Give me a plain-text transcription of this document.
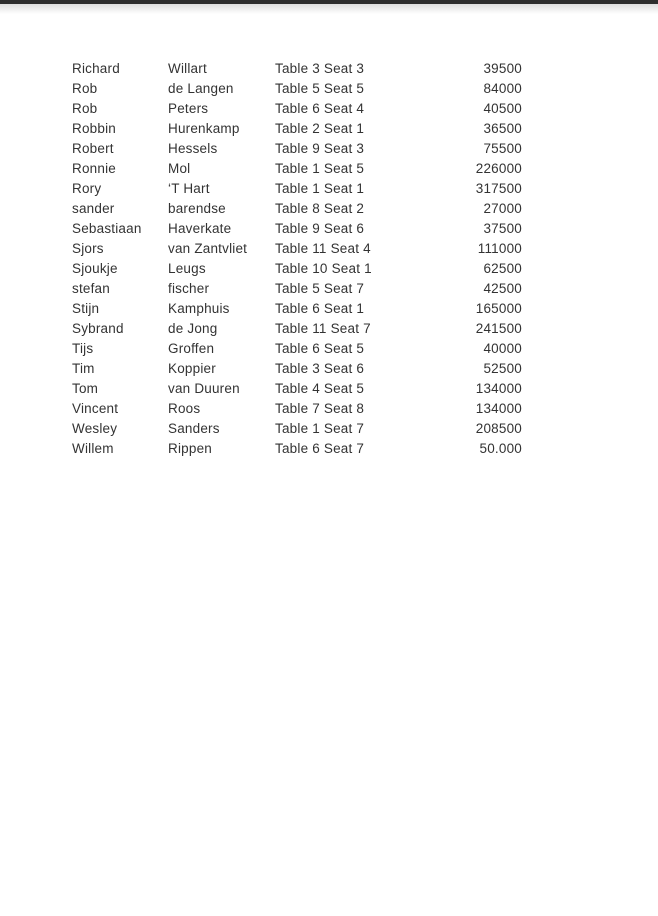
Richard	Willart	Table 3 Seat 3	39500
Rob	de Langen	Table 5 Seat 5	84000
Rob	Peters	Table 6 Seat 4	40500
Robbin	Hurenkamp	Table 2 Seat 1	36500
Robert	Hessels	Table 9 Seat 3	75500
Ronnie	Mol	Table 1 Seat 5	226000
Rory	‘T Hart	Table 1 Seat 1	317500
sander	barendse	Table 8 Seat 2	27000
Sebastiaan	Haverkate	Table 9 Seat 6	37500
Sjors	van Zantvliet	Table 11 Seat 4	111000
Sjoukje	Leugs	Table 10 Seat 1	62500
stefan	fischer	Table 5 Seat 7	42500
Stijn	Kamphuis	Table 6 Seat 1	165000
Sybrand	de Jong	Table 11 Seat 7	241500
Tijs	Groffen	Table 6 Seat 5	40000
Tim	Koppier	Table 3 Seat 6	52500
Tom	van Duuren	Table 4 Seat 5	134000
Vincent	Roos	Table 7 Seat 8	134000
Wesley	Sanders	Table 1 Seat 7	208500
Willem	Rippen	Table 6 Seat 7	50.000
